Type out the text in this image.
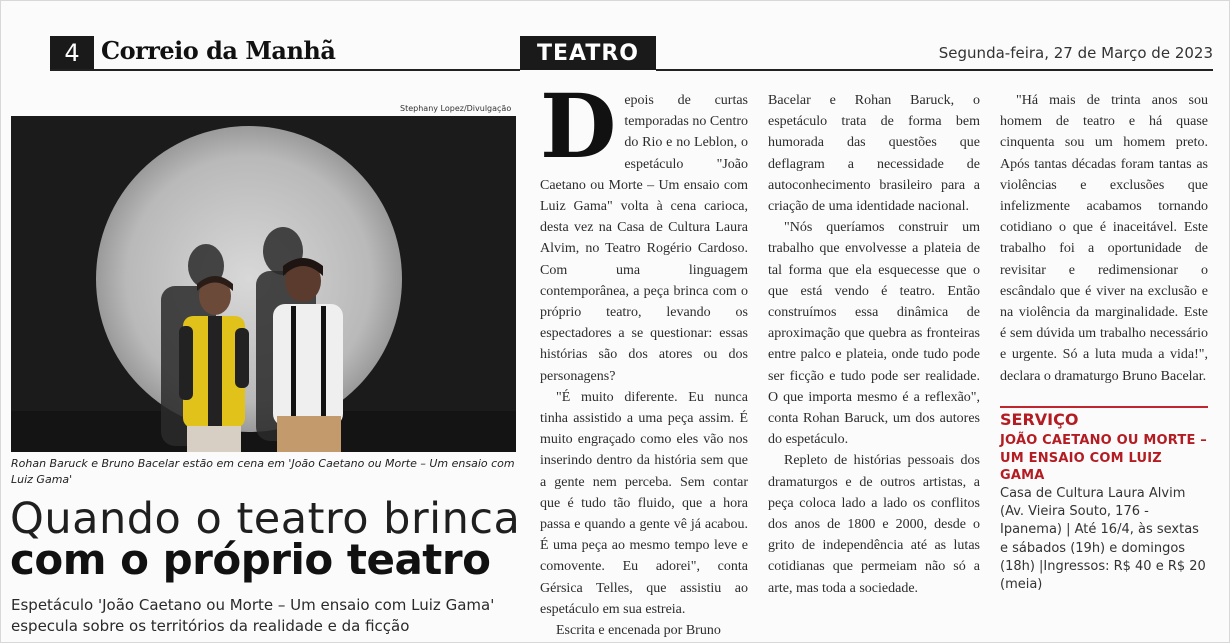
4 Correio da Manhã	TEATRO	Segunda-feira, 27 de Março de 2023
Stephany Lopez/Divulgação
Rohan Baruck e Bruno Bacelar estão em cena em 'João Caetano ou Morte – Um ensaio com Luiz Gama'
Quando o teatro brinca
com o próprio teatro
Espetáculo 'João Caetano ou Morte – Um ensaio com Luiz Gama' especula sobre os territórios da realidade e da ficção

Depois de curtas temporadas no Centro do Rio e no Leblon, o espetáculo "João Caetano ou Morte – Um ensaio com Luiz Gama" volta à cena carioca, desta vez na Casa de Cultura Laura Alvim, no Teatro Rogério Cardoso. Com uma linguagem contemporânea, a peça brinca com o próprio teatro, levando os espectadores a se questionar: essas histórias são dos atores ou dos personagens?

"É muito diferente. Eu nunca tinha assistido a uma peça assim. É muito engraçado como eles vão nos inserindo dentro da história sem que a gente nem perceba. Sem contar que é tudo tão fluido, que a hora passa e quando a gente vê já acabou. É uma peça ao mesmo tempo leve e comovente. Eu adorei", conta Gérsica Telles, que assistiu ao espetáculo em sua estreia.

Escrita e encenada por Bruno

Bacelar e Rohan Baruck, o espetáculo trata de forma bem humorada das questões que deflagram a necessidade de autoconhecimento brasileiro para a criação de uma identidade nacional.

"Nós queríamos construir um trabalho que envolvesse a plateia de tal forma que ela esquecesse que o que está vendo é teatro. Então construímos essa dinâmica de aproximação que quebra as fronteiras entre palco e plateia, onde tudo pode ser ficção e tudo pode ser realidade. O que importa mesmo é a reflexão", conta Rohan Baruck, um dos autores do espetáculo.

Repleto de histórias pessoais dos dramaturgos e de outros artistas, a peça coloca lado a lado os conflitos dos anos de 1800 e 2000, desde o grito de independência até as lutas cotidianas que permeiam não só a arte, mas toda a sociedade.

"Há mais de trinta anos sou homem de teatro e há quase cinquenta sou um homem preto. Após tantas décadas foram tantas as violências e exclusões que infelizmente acabamos tornando cotidiano o que é inaceitável. Este trabalho foi a oportunidade de revisitar e redimensionar o escândalo que é viver na exclusão e na violência da marginalidade. Este é sem dúvida um trabalho necessário e urgente. Só a luta muda a vida!", declara o dramaturgo Bruno Bacelar.

SERVIÇO
JOÃO CAETANO OU MORTE – UM ENSAIO COM LUIZ GAMA
Casa de Cultura Laura Alvim (Av. Vieira Souto, 176 - Ipanema) | Até 16/4, às sextas e sábados (19h) e domingos (18h) |Ingressos: R$ 40 e R$ 20 (meia)
